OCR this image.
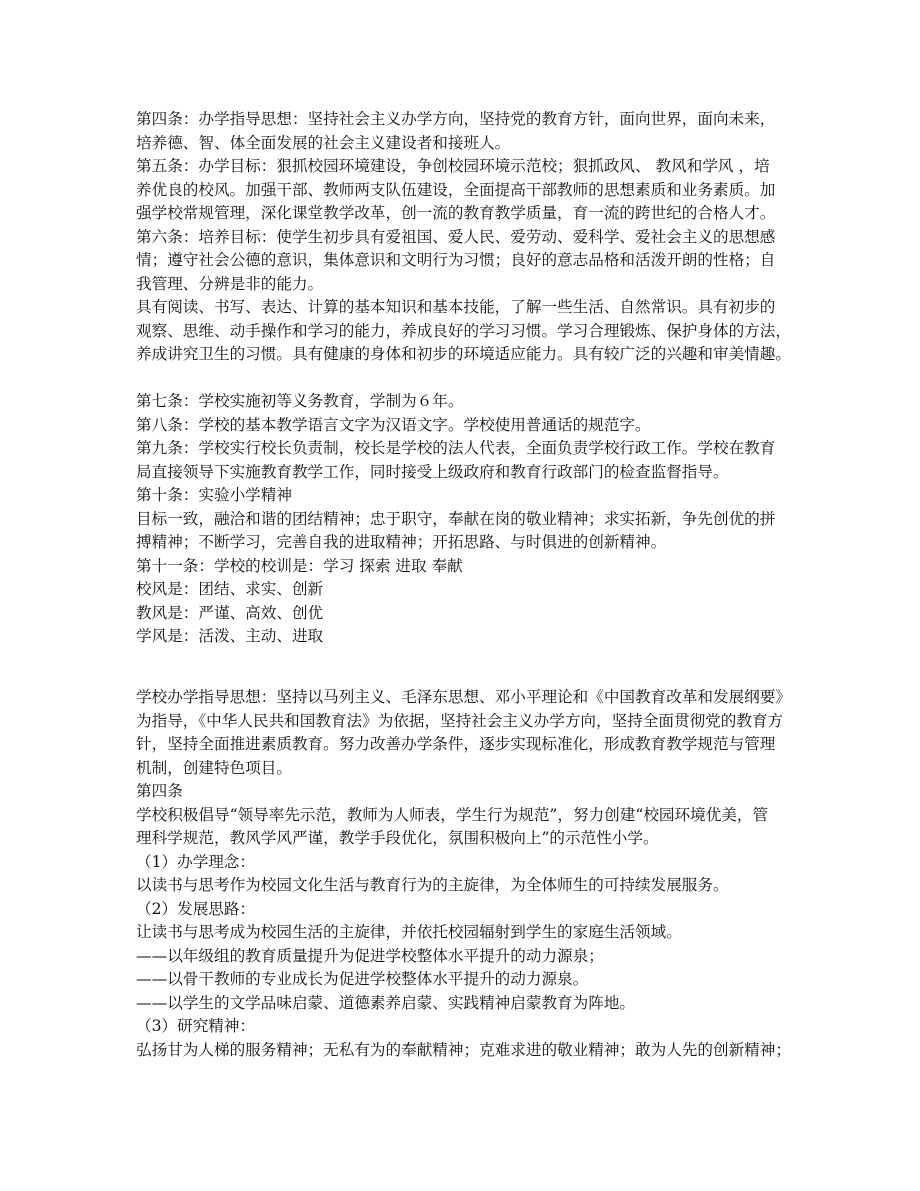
第四条：办学指导思想：坚持社会主义办学方向，坚持党的教育方针，面向世界，面向未来，
培养德、智、体全面发展的社会主义建设者和接班人。
第五条：办学目标：狠抓校园环境建设，争创校园环境示范校；狠抓政风、 教风和学风 ，培
养优良的校风。加强干部、教师两支队伍建设，全面提高干部教师的思想素质和业务素质。加
强学校常规管理，深化课堂教学改革，创一流的教育教学质量，育一流的跨世纪的合格人才。
第六条：培养目标：使学生初步具有爱祖国、爱人民、爱劳动、爱科学、爱社会主义的思想感
情；遵守社会公德的意识，集体意识和文明行为习惯；良好的意志品格和活泼开朗的性格；自
我管理、分辨是非的能力。
具有阅读、书写、表达、计算的基本知识和基本技能，了解一些生活、自然常识。具有初步的
观察、思维、动手操作和学习的能力，养成良好的学习习惯。学习合理锻炼、保护身体的方法，
养成讲究卫生的习惯。具有健康的身体和初步的环境适应能力。具有较广泛的兴趣和审美情趣。
第七条：学校实施初等义务教育，学制为６年。
第八条：学校的基本教学语言文字为汉语文字。学校使用普通话的规范字。
第九条：学校实行校长负责制，校长是学校的法人代表，全面负责学校行政工作。学校在教育
局直接领导下实施教育教学工作，同时接受上级政府和教育行政部门的检查监督指导。
第十条：实验小学精神
目标一致，融洽和谐的团结精神；忠于职守，奉献在岗的敬业精神；求实拓新，争先创优的拼
搏精神；不断学习，完善自我的进取精神；开拓思路、与时俱进的创新精神。
第十一条：学校的校训是：学习 探索 进取 奉献
校风是：团结、求实、创新
教风是：严谨、高效、创优
学风是：活泼、主动、进取
学校办学指导思想：坚持以马列主义、毛泽东思想、邓小平理论和《中国教育改革和发展纲要》
为指导，《中华人民共和国教育法》为依据，坚持社会主义办学方向，坚持全面贯彻党的教育方
针，坚持全面推进素质教育。努力改善办学条件，逐步实现标准化，形成教育教学规范与管理
机制，创建特色项目。
第四条
学校积极倡导“领导率先示范，教师为人师表，学生行为规范”，努力创建“校园环境优美，管
理科学规范，教风学风严谨，教学手段优化，氛围积极向上”的示范性小学。
（1）办学理念：
以读书与思考作为校园文化生活与教育行为的主旋律，为全体师生的可持续发展服务。
（2）发展思路：
让读书与思考成为校园生活的主旋律，并依托校园辐射到学生的家庭生活领域。
——以年级组的教育质量提升为促进学校整体水平提升的动力源泉；
——以骨干教师的专业成长为促进学校整体水平提升的动力源泉。
——以学生的文学品味启蒙、道德素养启蒙、实践精神启蒙教育为阵地。
（3）研究精神：
弘扬甘为人梯的服务精神；无私有为的奉献精神；克难求进的敬业精神；敢为人先的创新精神；
